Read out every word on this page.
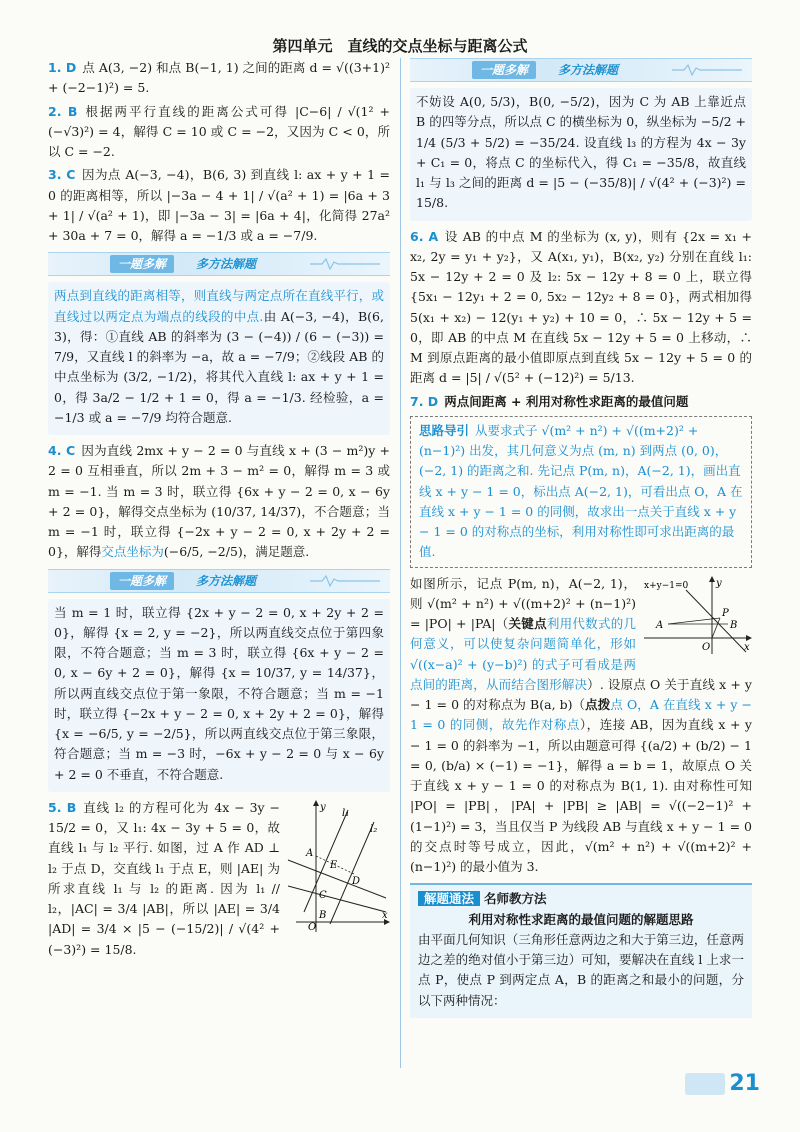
第四单元　直线的交点坐标与距离公式

1. D 点 A(3, −2) 和点 B(−1, 1) 之间的距离 d = √((3+1)² + (−2−1)²) = 5.

2. B 根据两平行直线的距离公式可得 |C−6| / √(1² + (−√3)²) = 4，解得 C = 10 或 C = −2，又因为 C < 0，所以 C = −2.

3. C 因为点 A(−3, −4)，B(6, 3) 到直线 l: ax + y + 1 = 0 的距离相等，所以 |−3a − 4 + 1| / √(a² + 1) = |6a + 3 + 1| / √(a² + 1)，即 |−3a − 3| = |6a + 4|，化简得 27a² + 30a + 7 = 0，解得 a = −1/3 或 a = −7/9.

一题多解	多方法解题

两点到直线的距离相等，则直线与两定点所在直线平行，或直线过以两定点为端点的线段的中点.由 A(−3, −4)，B(6, 3)，得：①直线 AB 的斜率为 (3 − (−4)) / (6 − (−3)) = 7/9，又直线 l 的斜率为 −a，故 a = −7/9；②线段 AB 的中点坐标为 (3/2, −1/2)，将其代入直线 l: ax + y + 1 = 0，得 3a/2 − 1/2 + 1 = 0，得 a = −1/3. 经检验，a = −1/3 或 a = −7/9 均符合题意.

4. C 因为直线 2mx + y − 2 = 0 与直线 x + (3 − m²)y + 2 = 0 互相垂直，所以 2m + 3 − m² = 0，解得 m = 3 或 m = −1. 当 m = 3 时，联立得 {6x + y − 2 = 0, x − 6y + 2 = 0}，解得交点坐标为 (10/37, 14/37)，不合题意；当 m = −1 时，联立得 {−2x + y − 2 = 0, x + 2y + 2 = 0}，解得交点坐标为(−6/5, −2/5)，满足题意.

一题多解	多方法解题

当 m = 1 时，联立得 {2x + y − 2 = 0, x + 2y + 2 = 0}，解得 {x = 2, y = −2}，所以两直线交点位于第四象限，不符合题意；当 m = 3 时，联立得 {6x + y − 2 = 0, x − 6y + 2 = 0}，解得 {x = 10/37, y = 14/37}，所以两直线交点位于第一象限，不符合题意；当 m = −1 时，联立得 {−2x + y − 2 = 0, x + 2y + 2 = 0}，解得 {x = −6/5, y = −2/5}，所以两直线交点位于第三象限，符合题意；当 m = −3 时，−6x + y − 2 = 0 与 x − 6y + 2 = 0 不垂直，不符合题意.

l₁
l₂
A
C
E
D
B
O
x
y

5. B 直线 l₂ 的方程可化为 4x − 3y − 15/2 = 0，又 l₁: 4x − 3y + 5 = 0，故直线 l₁ 与 l₂ 平行. 如图，过 A 作 AD ⊥ l₂ 于点 D，交直线 l₁ 于点 E，则 |AE| 为所求直线 l₁ 与 l₂ 的距离. 因为 l₁ // l₂，|AC| = 3/4 |AB|，所以 |AE| = 3/4 |AD| = 3/4 × |5 − (−15/2)| / √(4² + (−3)²) = 15/8.

一题多解	多方法解题

不妨设 A(0, 5/3)，B(0, −5/2)，因为 C 为 AB 上靠近点 B 的四等分点，所以点 C 的横坐标为 0，纵坐标为 −5/2 + 1/4 (5/3 + 5/2) = −35/24. 设直线 l₃ 的方程为 4x − 3y + C₁ = 0，将点 C 的坐标代入，得 C₁ = −35/8，故直线 l₁ 与 l₃ 之间的距离 d = |5 − (−35/8)| / √(4² + (−3)²) = 15/8.

6. A 设 AB 的中点 M 的坐标为 (x, y)，则有 {2x = x₁ + x₂, 2y = y₁ + y₂}，又 A(x₁, y₁)，B(x₂, y₂) 分别在直线 l₁: 5x − 12y + 2 = 0 及 l₂: 5x − 12y + 8 = 0 上，联立得 {5x₁ − 12y₁ + 2 = 0, 5x₂ − 12y₂ + 8 = 0}，两式相加得 5(x₁ + x₂) − 12(y₁ + y₂) + 10 = 0，∴ 5x − 12y + 5 = 0，即 AB 的中点 M 在直线 5x − 12y + 5 = 0 上移动，∴ M 到原点距离的最小值即原点到直线 5x − 12y + 5 = 0 的距离 d = |5| / √(5² + (−12)²) = 5/13.

7. D 两点间距离 + 利用对称性求距离的最值问题

思路导引 从要求式子 √(m² + n²) + √((m+2)² + (n−1)²) 出发，其几何意义为点 (m, n) 到两点 (0, 0)，(−2, 1) 的距离之和. 先记点 P(m, n)，A(−2, 1)，画出直线 x + y − 1 = 0，标出点 A(−2, 1)，可看出点 O，A 在直线 x + y − 1 = 0 的同侧，故求出一点关于直线 x + y − 1 = 0 的对称点的坐标，利用对称性即可求出距离的最值.
x+y−1=0	y
x
A
P
B
O

如图所示，记点 P(m, n)，A(−2, 1)，则 √(m² + n²) + √((m+2)² + (n−1)²) = |PO| + |PA|（关键点利用代数式的几何意义，可以使复杂问题简单化，形如 √((x−a)² + (y−b)²) 的式子可看成是两点间的距离，从而结合图形解决）. 设原点 O 关于直线 x + y − 1 = 0 的对称点为 B(a, b)（点拨点 O，A 在直线 x + y − 1 = 0 的同侧，故先作对称点），连接 AB，因为直线 x + y − 1 = 0 的斜率为 −1，所以由题意可得 {(a/2) + (b/2) − 1 = 0, (b/a) × (−1) = −1}，解得 a = b = 1，故原点 O 关于直线 x + y − 1 = 0 的对称点为 B(1, 1). 由对称性可知 |PO| = |PB|，|PA| + |PB| ≥ |AB| = √((−2−1)² + (1−1)²) = 3，当且仅当 P 为线段 AB 与直线 x + y − 1 = 0 的交点时等号成立，因此，√(m² + n²) + √((m+2)² + (n−1)²) 的最小值为 3.

解题通法 名师教方法
利用对称性求距离的最值问题的解题思路

由平面几何知识（三角形任意两边之和大于第三边，任意两边之差的绝对值小于第三边）可知，要解决在直线 l 上求一点 P，使点 P 到两定点 A，B 的距离之和最小的问题，分以下两种情况：

21
